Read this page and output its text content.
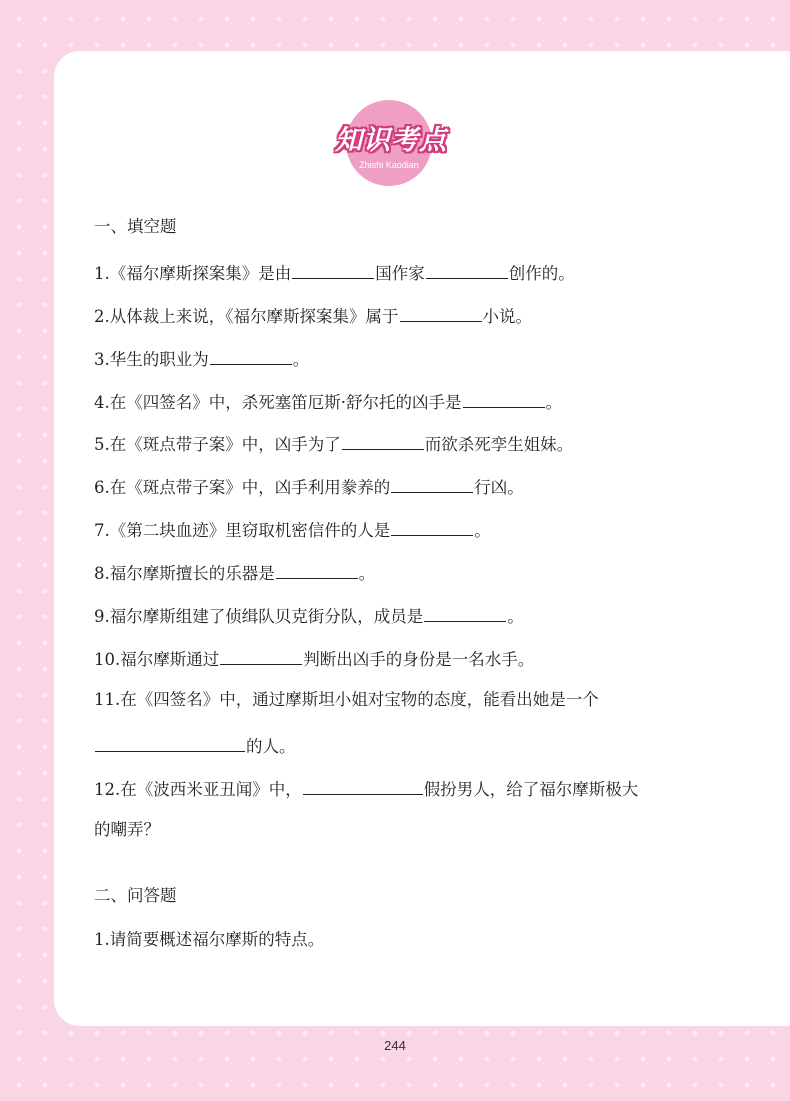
知识考点
Zhishi Kaodian
一、填空题
1.《福尔摩斯探案集》是由	国作家	创作的。
2.从体裁上来说，《福尔摩斯探案集》属于	小说。
3.华生的职业为	。
4.在《四签名》中，杀死塞笛厄斯·舒尔托的凶手是	。
5.在《斑点带子案》中，凶手为了	而欲杀死孪生姐妹。
6.在《斑点带子案》中，凶手利用豢养的	行凶。
7.《第二块血迹》里窃取机密信件的人是	。
8.福尔摩斯擅长的乐器是	。
9.福尔摩斯组建了侦缉队贝克街分队，成员是	。
10.福尔摩斯通过	判断出凶手的身份是一名水手。
11.在《四签名》中，通过摩斯坦小姐对宝物的态度，能看出她是一个
的人。
12.在《波西米亚丑闻》中，	假扮男人，给了福尔摩斯极大
的嘲弄？
二、问答题
1.请简要概述福尔摩斯的特点。
244
